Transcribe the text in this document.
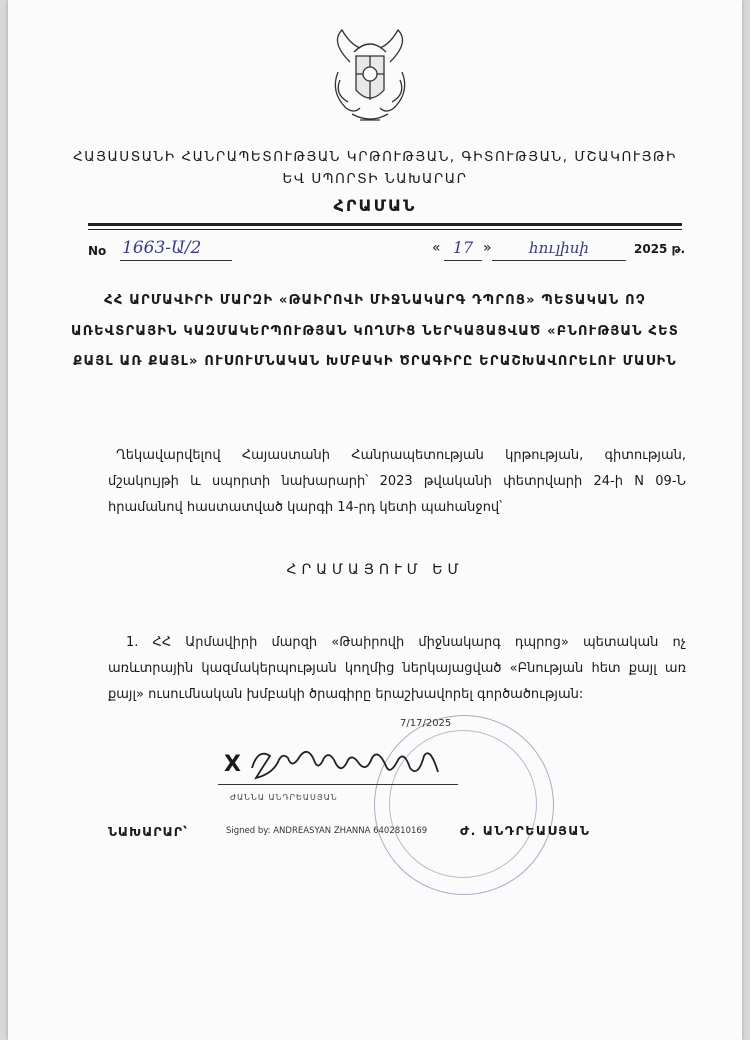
ՀԱՅԱՍՏԱՆԻ ՀԱՆՐԱՊԵՏՈՒԹՅԱՆ ԿՐԹՈՒԹՅԱՆ, ԳԻՏՈՒԹՅԱՆ, ՄՇԱԿՈՒՅԹԻ
ԵՎ ՍՊՈՐՏԻ ՆԱԽԱՐԱՐ
ՀՐԱՄԱՆ
No 1663-Ա/2	« 17 »	հուլիսի	2025 թ.
ՀՀ ԱՐՄԱՎԻՐԻ ՄԱՐԶԻ «ԹԱԻՐՈՎԻ ՄԻՋՆԱԿԱՐԳ ԴՊՐՈՑ» ՊԵՏԱԿԱՆ ՈՉ
ԱՌԵՎՏՐԱՅԻՆ ԿԱԶՄԱԿԵՐՊՈՒԹՅԱՆ ԿՈՂՄԻՑ ՆԵՐԿԱՅԱՑՎԱԾ «ԲՆՈՒԹՅԱՆ ՀԵՏ
ՔԱՅԼ ԱՌ ՔԱՅԼ» ՈՒՍՈՒՄՆԱԿԱՆ ԽՄԲԱԿԻ ԾՐԱԳԻՐԸ ԵՐԱՇԽԱՎՈՐԵԼՈՒ ՄԱՍԻՆ
Ղեկավարվելով Հայաստանի Հանրապետության կրթության, գիտության, մշակույթի և սպորտի նախարարի՝ 2023 թվականի փետրվարի 24-ի N 09-Ն հրամանով հաստատված կարգի 14-րդ կետի պահանջով՝
ՀՐԱՄԱՅՈՒՄ ԵՄ
1. ՀՀ Արմավիրի մարզի «Թաիրովի միջնակարգ դպրոց» պետական ոչ առևտրային կազմակերպության կողմից ներկայացված «Բնության հետ քայլ առ քայլ» ուսումնական խմբակի ծրագիրը երաշխավորել գործածության:
7/17/2025
X
ԺԱՆՆԱ ԱՆԴՐԵԱՍՅԱՆ
ՆԱԽԱՐԱՐ՝	Signed by: ANDREASYAN ZHANNA 6402810169	Ժ. ԱՆԴՐԵԱՍՅԱՆ
